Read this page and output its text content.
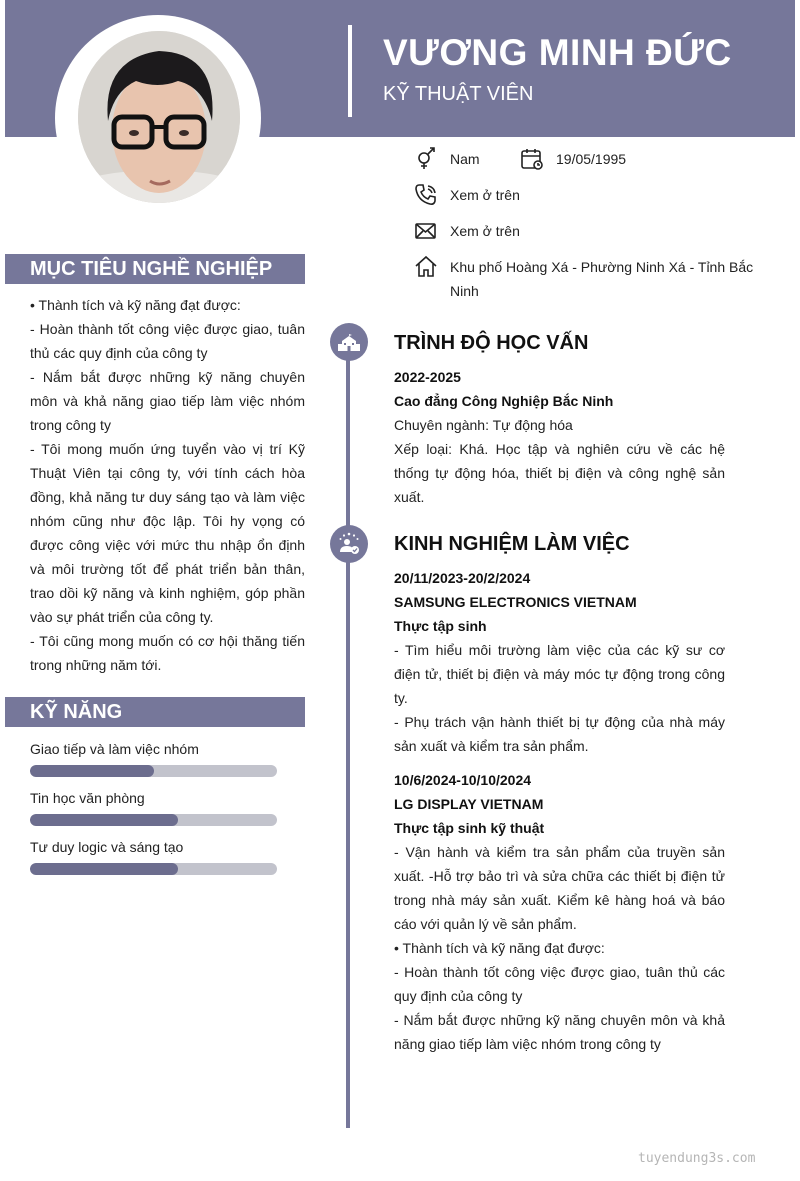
VƯƠNG MINH ĐỨC
KỸ THUẬT VIÊN
Nam	19/05/1995
Xem ở trên
Xem ở trên
Khu phố Hoàng Xá - Phường Ninh Xá - Tỉnh Bắc Ninh
MỤC TIÊU NGHỀ NGHIỆP

• Thành tích và kỹ năng đạt được:

- Hoàn thành tốt công việc được giao, tuân thủ các quy định của công ty

- Nắm bắt được những kỹ năng chuyên môn và khả năng giao tiếp làm việc nhóm trong công ty

- Tôi mong muốn ứng tuyển vào vị trí Kỹ Thuật Viên tại công ty, với tính cách hòa đồng, khả năng tư duy sáng tạo và làm việc nhóm cũng như độc lập. Tôi hy vọng có được công việc với mức thu nhập ổn định và môi trường tốt để phát triển bản thân, trao dồi kỹ năng và kinh nghiệm, góp phần vào sự phát triển của công ty.

- Tôi cũng mong muốn có cơ hội thăng tiến trong những năm tới.

KỸ NĂNG
Giao tiếp và làm việc nhóm
Tin học văn phòng
Tư duy logic và sáng tạo
TRÌNH ĐỘ HỌC VẤN

2022-2025

Cao đẳng Công Nghiệp Bắc Ninh

Chuyên ngành: Tự động hóa

Xếp loại: Khá. Học tập và nghiên cứu về các hệ thống tự động hóa, thiết bị điện và công nghệ sản xuất.

KINH NGHIỆM LÀM VIỆC

20/11/2023-20/2/2024

SAMSUNG ELECTRONICS VIETNAM

Thực tập sinh

- Tìm hiểu môi trường làm việc của các kỹ sư cơ điện tử, thiết bị điện và máy móc tự động trong công ty.

- Phụ trách vận hành thiết bị tự động của nhà máy sản xuất và kiểm tra sản phẩm.

10/6/2024-10/10/2024

LG DISPLAY VIETNAM

Thực tập sinh kỹ thuật

- Vận hành và kiểm tra sản phẩm của truyền sản xuất. -Hỗ trợ bảo trì và sửa chữa các thiết bị điện tử trong nhà máy sản xuất. Kiểm kê hàng hoá và báo cáo với quản lý về sản phẩm.

• Thành tích và kỹ năng đạt được:

- Hoàn thành tốt công việc được giao, tuân thủ các quy định của công ty

- Nắm bắt được những kỹ năng chuyên môn và khả năng giao tiếp làm việc nhóm trong công ty

tuyendung3s.com
